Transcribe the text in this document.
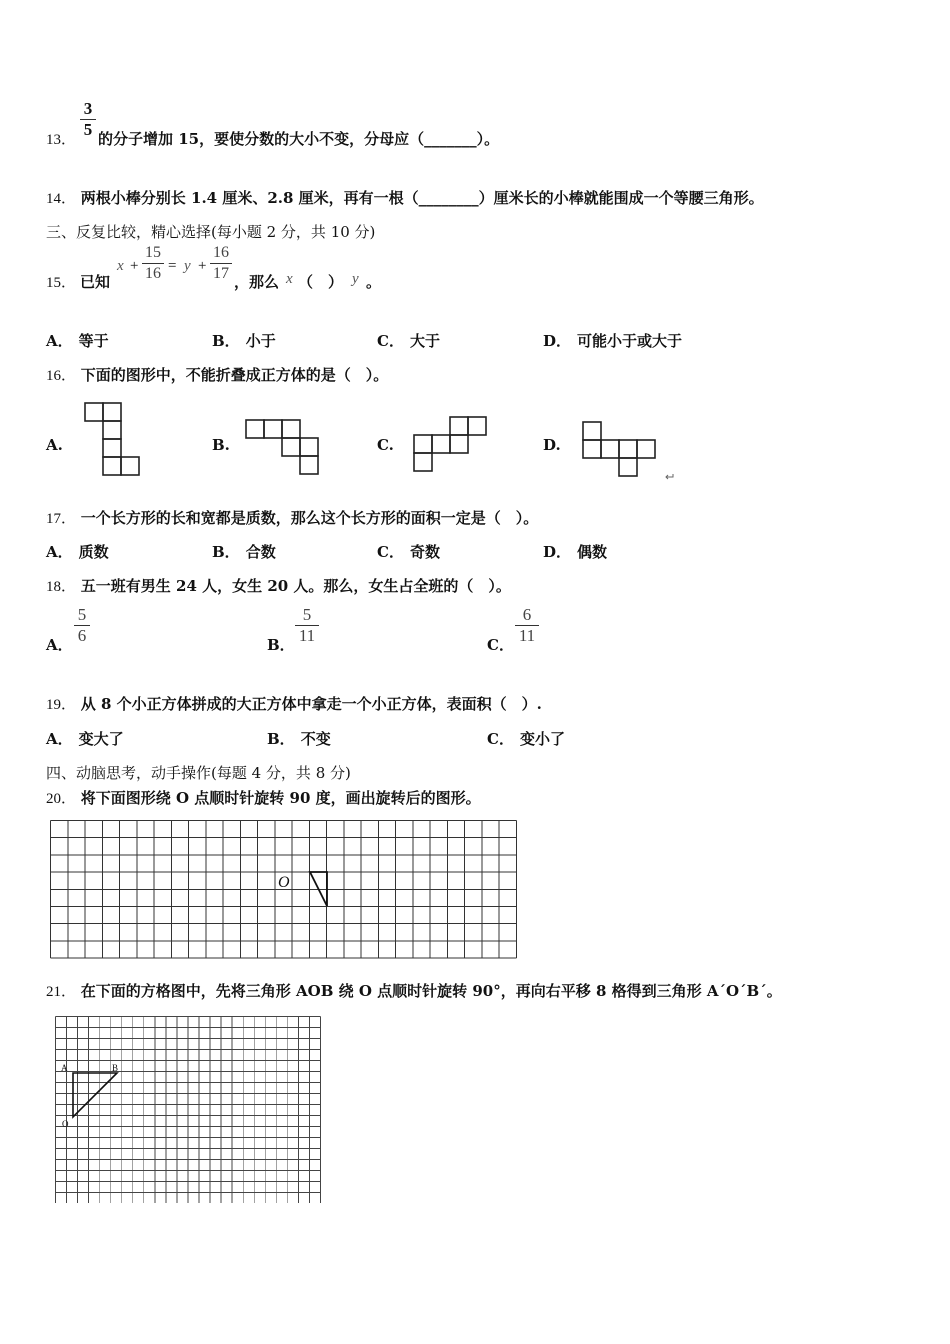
13．
3
5 的分子增加 15，要使分数的大小不变，分母应（_______）。
14． 两根小棒分别长 1.4 厘米、2.8 厘米，再有一根（________）厘米长的小棒就能围成一个等腰三角形。
三、反复比较，精心选择(每小题 2 分，共 10 分)
15． 已知
x +
15
16 = y +
16
17 ，那么 x （　） y 。
A． 等于	B． 小于	C． 大于	D． 可能小于或大于
16． 下面的图形中，不能折叠成正方体的是（　）。
A.	B.	C.	D.
17． 一个长方形的长和宽都是质数，那么这个长方形的面积一定是（　）。
A． 质数	B． 合数	C． 奇数	D． 偶数
18． 五一班有男生 24 人，女生 20 人。那么，女生占全班的（　）。
A．
5
6	B．
5
11	C．
6
11
19． 从 8 个小正方体拼成的大正方体中拿走一个小正方体，表面积（　）.
A． 变大了	B． 不变	C． 变小了
四、动脑思考，动手操作(每题 4 分，共 8 分)
20． 将下面图形绕 O 点顺时针旋转 90 度，画出旋转后的图形。
O
21． 在下面的方格图中，先将三角形 AOB 绕 O 点顺时针旋转 90°，再向右平移 8 格得到三角形 A´O´B´。
A	B
O
